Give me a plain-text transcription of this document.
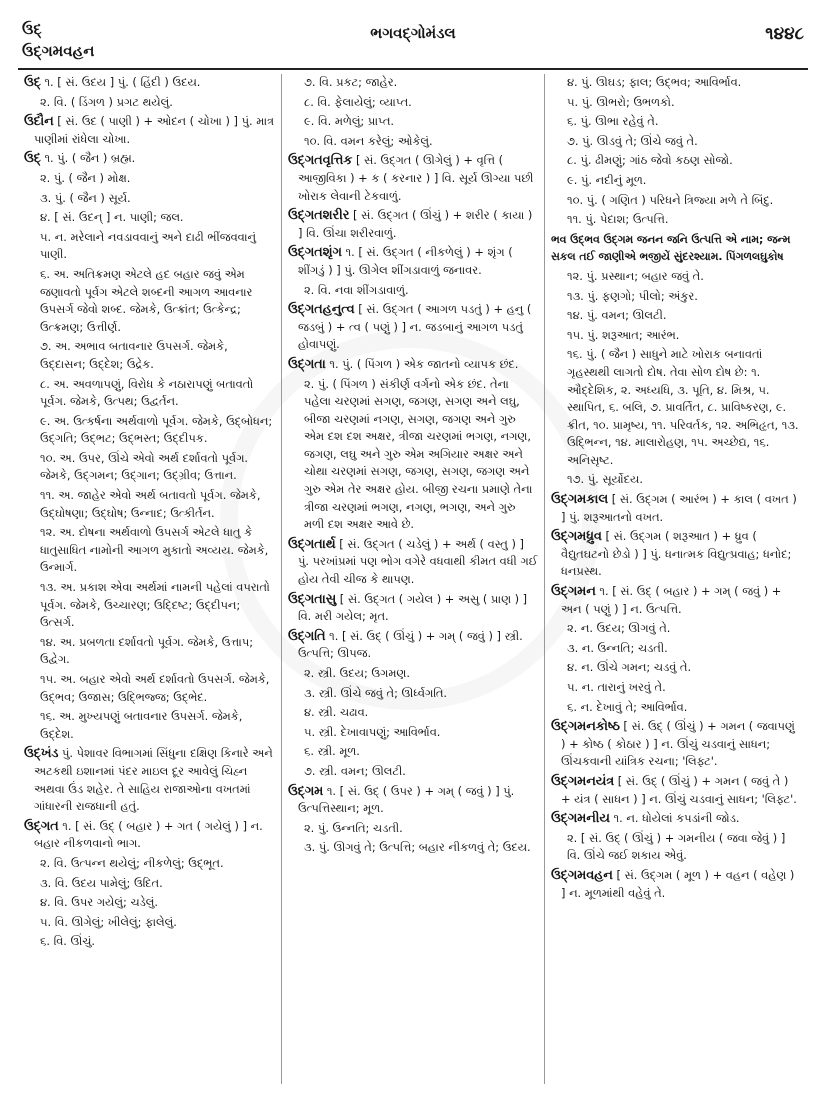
ઉદ્
ઉદ્ગમવહન
ભગવદ્ગોમંડલ	૧૪૪૮
ઉદ્ ૧. [ સં. ઉદય ] પું. ( હિંદી ) ઉદય.
૨. વિ. ( ડિંગળ ) પ્રગટ થયેલું.
ઉદૌન [ સં. ઉદ ( પાણી ) + ઓદન ( ચોખા ) ] પું. માત્ર પાણીમાં રાંધેલા ચોખા.
ઉદ્ ૧. પું. ( જૈન ) બ્રહ્મ.
૨. પું. ( જૈન ) મોક્ષ.
૩. પું. ( જૈન ) સૂર્ય.
૪. [ સં. ઉદન્ ] ન. પાણી; જલ.
૫. ન. મરેલાને નવડાવવાનું અને દાઢી ભીંજવવાનું પાણી.
૬. અ. અતિક્રમણ એટલે હદ બહાર જવું એમ જણાવતો પૂર્વગ એટલે શબ્દની આગળ આવનાર ઉપસર્ગ જેવો શબ્દ. જેમકે, ઉત્ક્રાંત; ઉત્કેન્દ્ર; ઉત્ક્રમણ; ઉત્તીર્ણ.
૭. અ. અભાવ બતાવનાર ઉપસર્ગ. જેમકે, ઉદ્દાસન; ઉદ્દેશ; ઉદ્રેક.
૮. અ. અવળાપણું, વિરોધ કે નઠારાપણું બતાવતો પૂર્વગ. જેમકે, ઉત્પથ; ઉદ્વર્તન.
૯. અ. ઉત્કર્ષના અર્થવાળો પૂર્વગ. જેમકે, ઉદ્બોધન; ઉદ્ગતિ; ઉદ્ભટ; ઉદ્ભસ્ત; ઉદ્દીપક.
૧૦. અ. ઉપર, ઊંચે એવો અર્થ દર્શાવતો પૂર્વગ. જેમકે, ઉદ્ગમન; ઉદ્ગાન; ઉદ્ગ્રીવ; ઉત્તાન.
૧૧. અ. જાહેર એવો અર્થ બતાવતો પૂર્વગ. જેમકે, ઉદ્ઘોષણા; ઉદ્ઘોષ; ઉન્નાદ; ઉત્કીર્તન.
૧૨. અ. દોષના અર્થવાળો ઉપસર્ગ એટલે ધાતુ કે ધાતુસાધિત નામોની આગળ મુકાતો અવ્યય. જેમકે, ઉન્માર્ગ.
૧૩. અ. પ્રકાશ એવા અર્થમાં નામની પહેલાં વપરાતો પૂર્વગ. જેમકે, ઉચ્ચારણ; ઉદ્દિષ્ટ; ઉદ્દીપન; ઉત્સર્ગ.
૧૪. અ. પ્રબળતા દર્શાવતો પૂર્વગ. જેમકે, ઉત્તાપ; ઉદ્વેગ.
૧૫. અ. બહાર એવો અર્થ દર્શાવતો ઉપસર્ગ. જેમકે, ઉદ્ભવ; ઉજાસ; ઉદ્ભિજ્જ; ઉદ્ભેદ.
૧૬. અ. મુખ્યપણું બતાવનાર ઉપસર્ગ. જેમકે, ઉદ્દેશ.
ઉદ્ખંડ પું. પેશાવર વિભાગમાં સિંધુના દક્ષિણ કિનારે અને અટકથી ઇશાનમાં પંદર માઇલ દૂર આવેલું ચિહ્ન અથવા ઉંડ શહેર. તે સાહિય રાજાઓના વખતમાં ગાંધારની રાજધાની હતું.
ઉદ્ગત ૧. [ સં. ઉદ્ ( બહાર ) + ગત ( ગયેલું ) ] ન. બહાર નીકળવાનો ભાગ.
૨. વિ. ઉત્પન્ન થયેલું; નીકળેલું; ઉદ્ભૂત.
૩. વિ. ઉદય પામેલું; ઉદિત.
૪. વિ. ઉપર ગયેલું; ચડેલું.
૫. વિ. ઊગેલું; ખીલેલું; ફાલેલું.
૬. વિ. ઊંચું.
૭. વિ. પ્રકટ; જાહેર.
૮. વિ. ફેલાયેલું; વ્યાપ્ત.
૯. વિ. મળેલું; પ્રાપ્ત.
૧૦. વિ. વમન કરેલું; ઓકેલું.
ઉદ્ગતવૃત્તિક [ સં. ઉદ્ગત ( ઊગેલું ) + વૃત્તિ ( આજીવિકા ) + ક ( કરનાર ) ] વિ. સૂર્ય ઊગ્યા પછી ખોરાક લેવાની ટેકવાળું.
ઉદ્ગતશરીર [ સં. ઉદ્ગત ( ઊંચું ) + શરીર ( કાયા ) ] વિ. ઊંચા શરીરવાળું.
ઉદ્ગતશૃંગ ૧. [ સં. ઉદ્ગત ( નીકળેલું ) + શૃંગ ( શીંગડું ) ] પું. ઊગેલ શીંગડાવાળું જનાવર.
૨. વિ. નવા શીંગડાવાળું.
ઉદ્ગતહનુત્વ [ સં. ઉદ્ગત ( આગળ પડતું ) + હનુ ( જડબું ) + ત્વ ( પણું ) ] ન. જડબાનું આગળ પડતું હોવાપણું.
ઉદ્ગતા ૧. પું. ( પિંગળ ) એક જાતનો વ્યાપક છંદ.
૨. પું. ( પિંગળ ) સંકીર્ણ વર્ગનો એક છંદ. તેના પહેલા ચરણમાં સગણ, જગણ, સગણ અને લઘુ, બીજા ચરણમાં નગણ, સગણ, જગણ અને ગુરુ એમ દશ દશ અક્ષર, ત્રીજા ચરણમાં ભગણ, નગણ, જગણ, લઘુ અને ગુરુ એમ અગિયાર અક્ષર અને ચોથા ચરણમાં સગણ, જગણ, સગણ, જગણ અને ગુરુ એમ તેર અક્ષર હોય. બીજી રચના પ્રમાણે તેના ત્રીજા ચરણમાં ભગણ, નગણ, ભગણ, અને ગુરુ મળી દશ અક્ષર આવે છે.
ઉદ્ગતાર્થ [ સં. ઉદ્ગત ( ચડેલું ) + અર્થ ( વસ્તુ ) ] પું. પરખાંપ્રમાં પણ ભોગ વગેરે વધવાથી કીમત વધી ગઈ હોય તેવી ચીજ કે થાપણ.
ઉદ્ગતાસુ [ સં. ઉદ્ગત ( ગયેલ ) + અસુ ( પ્રાણ ) ] વિ. મરી ગયેલ; મૃત.
ઉદ્ગતિ ૧. [ સં. ઉદ્ ( ઊંચું ) + ગમ્ ( જવું ) ] સ્ત્રી. ઉત્પત્તિ; ઊપજ.
૨. સ્ત્રી. ઉદય; ઉગમણ.
૩. સ્ત્રી. ઊંચે જવું તે; ઊર્ધ્વગતિ.
૪. સ્ત્રી. ચઢાવ.
૫. સ્ત્રી. દેખાવાપણું; આવિર્ભાવ.
૬. સ્ત્રી. મૂળ.
૭. સ્ત્રી. વમન; ઊલટી.
ઉદ્ગમ ૧. [ સં. ઉદ્ ( ઉપર ) + ગમ્ ( જવું ) ] પું. ઉત્પત્તિસ્થાન; મૂળ.
૨. પું. ઉન્નતિ; ચડતી.
૩. પું. ઊગવું તે; ઉત્પત્તિ; બહાર નીકળવું તે; ઉદય.
૪. પું. ઊઘડ; ફાલ; ઉદ્ભવ; આવિર્ભાવ.
૫. પું. ઊભરો; ઉભળકો.
૬. પું. ઊભા રહેવું તે.
૭. પું. ઊડવું તે; ઊંચે જવું તે.
૮. પું. ઢીમણું; ગાંઠ જેવો કઠણ સોજો.
૯. પું. નદીનું મૂળ.
૧૦. પું. ( ગણિત ) પરિધને ત્રિજ્યા મળે તે બિંદુ.
૧૧. પું. પેદાશ; ઉત્પત્તિ.
ભવ ઉદ્ભવ ઉદ્ગમ જનન જનિ ઉત્પત્તિ એ નામ; જન્મ સકલ તઈ જાણીએ ભજીયેં સુંદરશ્યામ. પિંગળલઘુકોષ
૧૨. પું. પ્રસ્થાન; બહાર જવું તે.
૧૩. પું. ફણગો; પીલો; અંકુર.
૧૪. પું. વમન; ઊલટી.
૧૫. પું. શરૂઆત; આરંભ.
૧૬. પું. ( જૈન ) સાધુને માટે ખોરાક બનાવતાં ગૃહસ્થથી લાગતો દોષ. તેવા સોળ દોષ છે: ૧. ઔદ્દેશિક, ૨. અધ્યધિ, ૩. પૂતિ, ૪. મિશ્ર, ૫. સ્થાપિત, ૬. બલિ, ૭. પ્રાવર્તિત, ૮. પ્રાવિષ્કરણ, ૯. ક્રીત, ૧૦. પ્રામૃષ્ય, ૧૧. પરિવર્તક, ૧૨. અભિહૃત, ૧૩. ઉદ્ભિન્ન, ૧૪. માલારોહણ, ૧૫. અચ્છેદ્ય, ૧૬. અનિસૃષ્ટ.
૧૭. પું. સૂર્યોદય.
ઉદ્ગમકાલ [ સં. ઉદ્ગમ ( આરંભ ) + કાલ ( વખત ) ] પું. શરૂઆતનો વખત.
ઉદ્ગમધ્રુવ [ સં. ઉદ્ગમ ( શરૂઆત ) + ધ્રુવ ( વૈદ્યુતઘટનો છેડો ) ] પું. ધનાત્મક વિદ્યુત્પ્રવાહ; ધનોદ; ધનપ્રસ્થ.
ઉદ્ગમન ૧. [ સં. ઉદ્ ( બહાર ) + ગમ્ ( જવું ) + અન ( પણું ) ] ન. ઉત્પત્તિ.
૨. ન. ઉદય; ઊગવું તે.
૩. ન. ઉન્નતિ; ચડતી.
૪. ન. ઊંચે ગમન; ચડવું તે.
૫. ન. તારાનું ખરવું તે.
૬. ન. દેખાવું તે; આવિર્ભાવ.
ઉદ્ગમનકોષ્ઠ [ સં. ઉદ્ ( ઊંચું ) + ગમન ( જવાપણું ) + કોષ્ઠ ( કોઠાર ) ] ન. ઊંચું ચડવાનું સાધન; ઊંચકવાની યાંત્રિક રચના; 'લિફ્ટ'.
ઉદ્ગમનયંત્ર [ સં. ઉદ્ ( ઊંચું ) + ગમન ( જવું તે ) + યંત્ર ( સાધન ) ] ન. ઊંચું ચડવાનું સાધન; 'લિફ્ટ'.
ઉદ્ગમનીય ૧. ન. ધોયેલાં કપડાંની જોડ.
૨. [ સં. ઉદ્ ( ઊંચું ) + ગમનીય ( જવા જેવું ) ] વિ. ઊંચે જઈ શકાય એવું.
ઉદ્ગમવહન [ સં. ઉદ્ગમ ( મૂળ ) + વહન ( વહેણ ) ] ન. મૂળમાંથી વહેવું તે.
